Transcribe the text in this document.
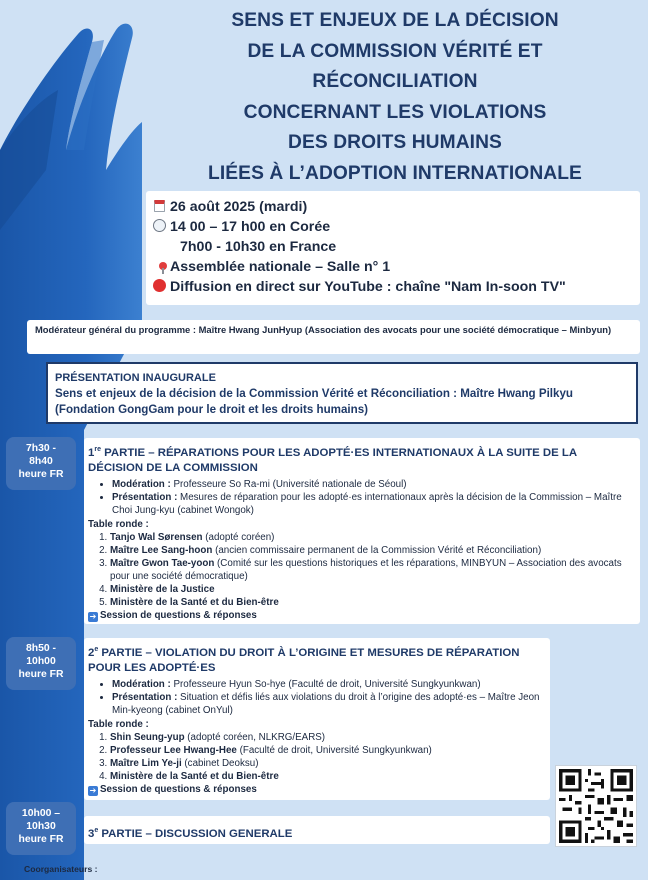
SENS ET ENJEUX DE LA DÉCISION
DE LA COMMISSION VÉRITÉ ET
RÉCONCILIATION
CONCERNANT LES VIOLATIONS
DES DROITS HUMAINS
LIÉES À L’ADOPTION INTERNATIONALE
26 août 2025 (mardi)
14 00 – 17 h00 en Corée
7h00 - 10h30 en France
Assemblée nationale – Salle n° 1
Diffusion en direct sur YouTube : chaîne "Nam In-soon TV"
Modérateur général du programme : Maître Hwang JunHyup (Association des avocats pour une société démocratique – Minbyun)
PRÉSENTATION INAUGURALE
Sens et enjeux de la décision de la Commission Vérité et Réconciliation : Maître Hwang Pilkyu (Fondation GongGam pour le droit et les droits humains)
7h30 -
8h40
heure FR
8h50 -
10h00
heure FR
10h00 –
10h30
heure FR
1re PARTIE – RÉPARATIONS POUR LES ADOPTÉ·ES INTERNATIONAUX À LA SUITE DE LA DÉCISION DE LA COMMISSION
• Modération : Professeure So Ra-mi (Université nationale de Séoul)
• Présentation : Mesures de réparation pour les adopté·es internationaux après la décision de la Commission – Maître Choi Jung-kyu (cabinet Wongok)
Table ronde :
1. Tanjo Wal Sørensen (adopté coréen)
2. Maître Lee Sang-hoon (ancien commissaire permanent de la Commission Vérité et Réconciliation)
3. Maître Gwon Tae-yoon (Comité sur les questions historiques et les réparations, MINBYUN – Association des avocats pour une société démocratique)
4. Ministère de la Justice
5. Ministère de la Santé et du Bien-être
➔ Session de questions & réponses
2e PARTIE – VIOLATION DU DROIT À L’ORIGINE ET MESURES DE RÉPARATION POUR LES ADOPTÉ·ES
• Modération : Professeure Hyun So-hye (Faculté de droit, Université Sungkyunkwan)
• Présentation : Situation et défis liés aux violations du droit à l’origine des adopté·es – Maître Jeon Min-kyeong (cabinet OnYul)
Table ronde :
1. Shin Seung-yup (adopté coréen, NLKRG/EARS)
2. Professeur Lee Hwang-Hee (Faculté de droit, Université Sungkyunkwan)
3. Maître Lim Ye-ji (cabinet Deoksu)
4. Ministère de la Santé et du Bien-être
➔ Session de questions & réponses
3e PARTIE – DISCUSSION GENERALE
Coorganisateurs :
